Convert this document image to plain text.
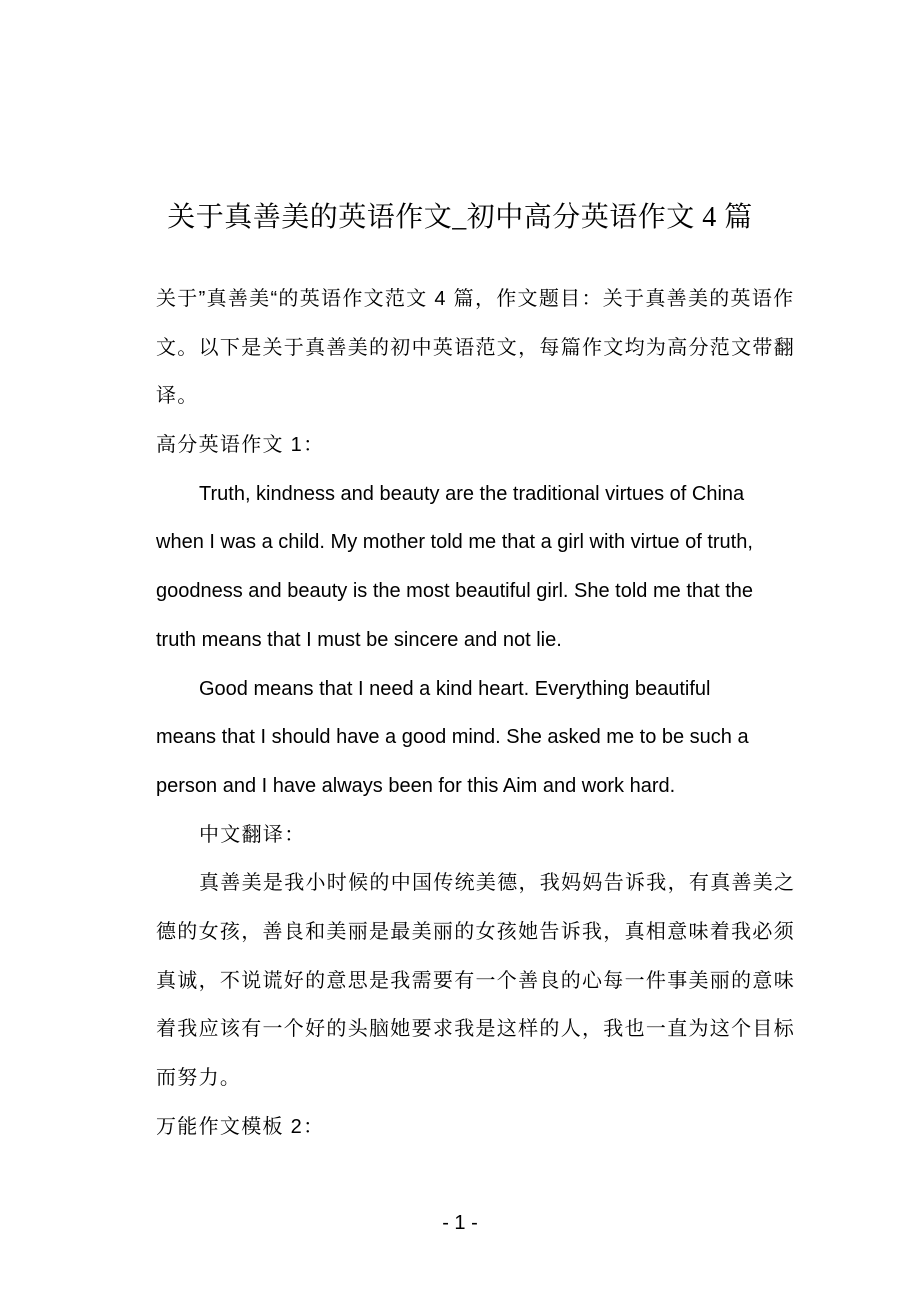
关于真善美的英语作文_初中高分英语作文 4 篇
关于”真善美“的英语作文范文 4 篇，作文题目：关于真善美的英语作
文。以下是关于真善美的初中英语范文，每篇作文均为高分范文带翻
译。
高分英语作文 1：
Truth, kindness and beauty are the traditional virtues of China
when I was a child. My mother told me that a girl with virtue of truth,
goodness and beauty is the most beautiful girl. She told me that the
truth means that I must be sincere and not lie.
Good means that I need a kind heart. Everything beautiful
means that I should have a good mind. She asked me to be such a
person and I have always been for this Aim and work hard.
中文翻译：
真善美是我小时候的中国传统美德，我妈妈告诉我，有真善美之
德的女孩，善良和美丽是最美丽的女孩她告诉我，真相意味着我必须
真诚，不说谎好的意思是我需要有一个善良的心每一件事美丽的意味
着我应该有一个好的头脑她要求我是这样的人，我也一直为这个目标
而努力。
万能作文模板 2：
- 1 -
